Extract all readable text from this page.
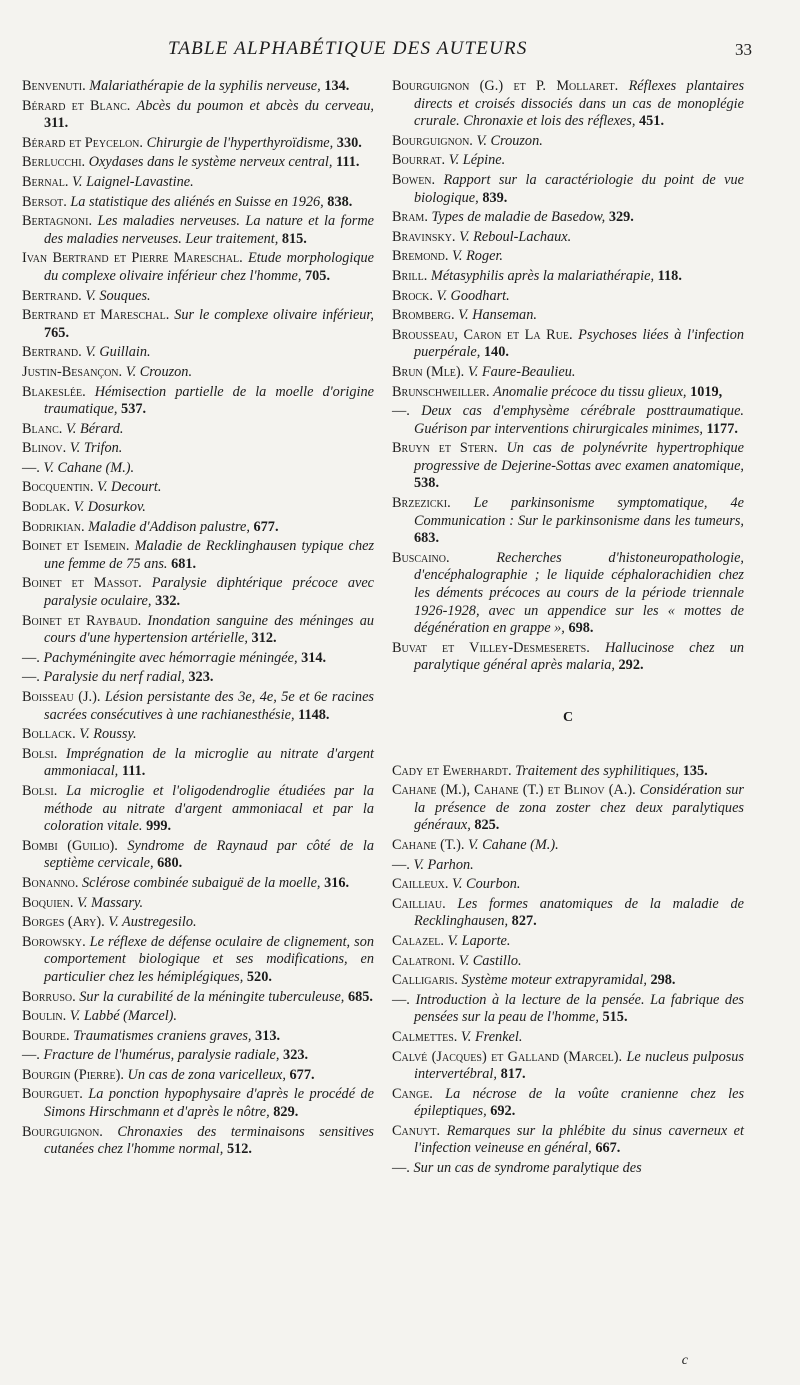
TABLE ALPHABÉTIQUE DES AUTEURS	33

Benvenuti. Malariathérapie de la syphilis nerveuse, 134.

Bérard et Blanc. Abcès du poumon et abcès du cerveau, 311.

Bérard et Peycelon. Chirurgie de l'hyperthyroïdisme, 330.

Berlucchi. Oxydases dans le système nerveux central, 111.

Bernal. V. Laignel-Lavastine.

Bersot. La statistique des aliénés en Suisse en 1926, 838.

Bertagnoni. Les maladies nerveuses. La nature et la forme des maladies nerveuses. Leur traitement, 815.

Ivan Bertrand et Pierre Mareschal. Etude morphologique du complexe olivaire inférieur chez l'homme, 705.

Bertrand. V. Souques.

Bertrand et Mareschal. Sur le complexe olivaire inférieur, 765.

Bertrand. V. Guillain.

Justin-Besançon. V. Crouzon.

Blakeslée. Hémisection partielle de la moelle d'origine traumatique, 537.

Blanc. V. Bérard.

Blinov. V. Trifon.

—. V. Cahane (M.).

Bocquentin. V. Decourt.

Bodlak. V. Dosurkov.

Bodrikian. Maladie d'Addison palustre, 677.

Boinet et Isemein. Maladie de Recklinghausen typique chez une femme de 75 ans. 681.

Boinet et Massot. Paralysie diphtérique précoce avec paralysie oculaire, 332.

Boinet et Raybaud. Inondation sanguine des méninges au cours d'une hypertension artérielle, 312.

—. Pachyméningite avec hémorragie méningée, 314.

—. Paralysie du nerf radial, 323.

Boisseau (J.). Lésion persistante des 3e, 4e, 5e et 6e racines sacrées consécutives à une rachianesthésie, 1148.

Bollack. V. Roussy.

Bolsi. Imprégnation de la microglie au nitrate d'argent ammoniacal, 111.

Bolsi. La microglie et l'oligodendroglie étudiées par la méthode au nitrate d'argent ammoniacal et par la coloration vitale. 999.

Bombi (Guilio). Syndrome de Raynaud par côté de la septième cervicale, 680.

Bonanno. Sclérose combinée subaiguë de la moelle, 316.

Boquien. V. Massary.

Borges (Ary). V. Austregesilo.

Borowsky. Le réflexe de défense oculaire de clignement, son comportement biologique et ses modifications, en particulier chez les hémiplégiques, 520.

Borruso. Sur la curabilité de la méningite tuberculeuse, 685.

Boulin. V. Labbé (Marcel).

Bourde. Traumatismes craniens graves, 313.

—. Fracture de l'humérus, paralysie radiale, 323.

Bourgin (Pierre). Un cas de zona varicelleux, 677.

Bourguet. La ponction hypophysaire d'après le procédé de Simons Hirschmann et d'après le nôtre, 829.

Bourguignon. Chronaxies des terminaisons sensitives cutanées chez l'homme normal, 512.

Bourguignon (G.) et P. Mollaret. Réflexes plantaires directs et croisés dissociés dans un cas de monoplégie crurale. Chronaxie et lois des réflexes, 451.

Bourguignon. V. Crouzon.

Bourrat. V. Lépine.

Bowen. Rapport sur la caractériologie du point de vue biologique, 839.

Bram. Types de maladie de Basedow, 329.

Bravinsky. V. Reboul-Lachaux.

Bremond. V. Roger.

Brill. Métasyphilis après la malariathérapie, 118.

Brock. V. Goodhart.

Bromberg. V. Hanseman.

Brousseau, Caron et La Rue. Psychoses liées à l'infection puerpérale, 140.

Brun (Mle). V. Faure-Beaulieu.

Brunschweiller. Anomalie précoce du tissu glieux, 1019,

—. Deux cas d'emphysème cérébrale posttraumatique. Guérison par interventions chirurgicales minimes, 1177.

Bruyn et Stern. Un cas de polynévrite hypertrophique progressive de Dejerine-Sottas avec examen anatomique, 538.

Brzezicki. Le parkinsonisme symptomatique, 4e Communication : Sur le parkinsonisme dans les tumeurs, 683.

Buscaino.	Recherches d'histoneuropathologie, d'encéphalographie ; le liquide céphalorachidien chez les déments précoces au cours de la période triennale 1926-1928, avec un appendice sur les « mottes de dégénération en grappe », 698.

Buvat et Villey-Desmeserets. Hallucinose chez un paralytique général après malaria, 292.

C

Cady et Ewerhardt. Traitement des syphilitiques, 135.

Cahane (M.), Cahane (T.) et Blinov (A.). Considération sur la présence de zona zoster chez deux paralytiques généraux, 825.

Cahane (T.). V. Cahane (M.).

—. V. Parhon.

Cailleux. V. Courbon.

Cailliau. Les formes anatomiques de la maladie de Recklinghausen, 827.

Calazel. V. Laporte.

Calatroni. V. Castillo.

Calligaris. Système moteur extrapyramidal, 298.

—. Introduction à la lecture de la pensée. La fabrique des pensées sur la peau de l'homme, 515.

Calmettes. V. Frenkel.

Calvé (Jacques) et Galland (Marcel). Le nucleus pulposus intervertébral, 817.

Cange. La nécrose de la voûte cranienne chez les épileptiques, 692.

Canuyt. Remarques sur la phlébite du sinus caverneux et l'infection veineuse en général, 667.

—. Sur un cas de syndrome paralytique des

c
